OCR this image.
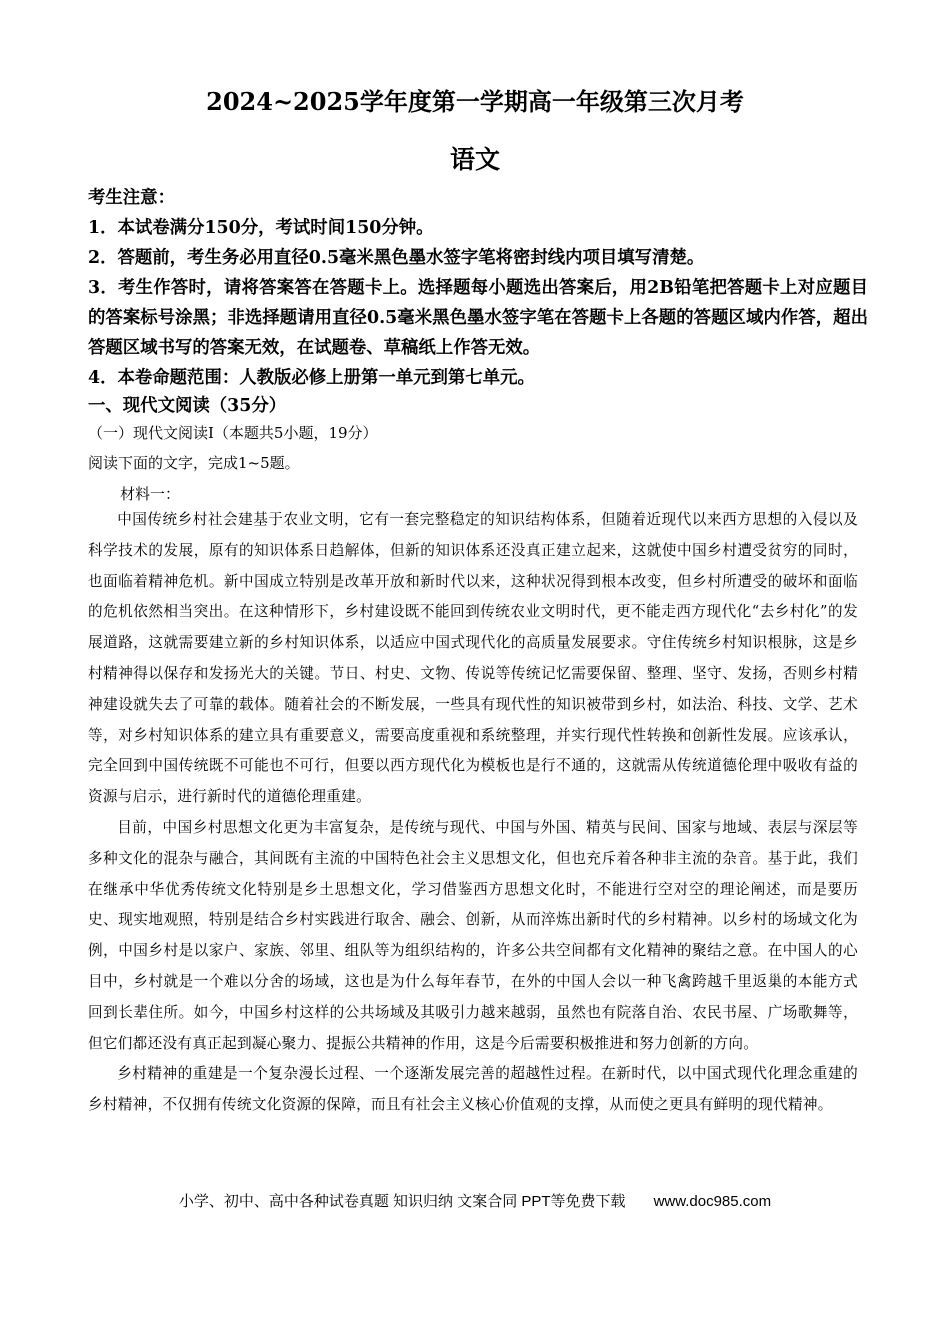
2024~2025学年度第一学期高一年级第三次月考
语文

考生注意：

1．本试卷满分150分，考试时间150分钟。

2．答题前，考生务必用直径0.5毫米黑色墨水签字笔将密封线内项目填写清楚。

3．考生作答时，请将答案答在答题卡上。选择题每小题选出答案后，用2B铅笔把答题卡上对应题目的答案标号涂黑；非选择题请用直径0.5毫米黑色墨水签字笔在答题卡上各题的答题区域内作答，超出答题区域书写的答案无效，在试题卷、草稿纸上作答无效。

4．本卷命题范围：人教版必修上册第一单元到第七单元。

一、现代文阅读（35分）
（一）现代文阅读Ⅰ（本题共5小题，19分）
阅读下面的文字，完成1~5题。
材料一：

中国传统乡村社会建基于农业文明，它有一套完整稳定的知识结构体系，但随着近现代以来西方思想的入侵以及科学技术的发展，原有的知识体系日趋解体，但新的知识体系还没真正建立起来，这就使中国乡村遭受贫穷的同时，也面临着精神危机。新中国成立特别是改革开放和新时代以来，这种状况得到根本改变，但乡村所遭受的破坏和面临的危机依然相当突出。在这种情形下，乡村建设既不能回到传统农业文明时代，更不能走西方现代化“去乡村化”的发展道路，这就需要建立新的乡村知识体系，以适应中国式现代化的高质量发展要求。守住传统乡村知识根脉，这是乡村精神得以保存和发扬光大的关键。节日、村史、文物、传说等传统记忆需要保留、整理、坚守、发扬，否则乡村精神建设就失去了可靠的载体。随着社会的不断发展，一些具有现代性的知识被带到乡村，如法治、科技、文学、艺术等，对乡村知识体系的建立具有重要意义，需要高度重视和系统整理，并实行现代性转换和创新性发展。应该承认，完全回到中国传统既不可能也不可行，但要以西方现代化为模板也是行不通的，这就需从传统道德伦理中吸收有益的资源与启示，进行新时代的道德伦理重建。

目前，中国乡村思想文化更为丰富复杂，是传统与现代、中国与外国、精英与民间、国家与地域、表层与深层等多种文化的混杂与融合，其间既有主流的中国特色社会主义思想文化，但也充斥着各种非主流的杂音。基于此，我们在继承中华优秀传统文化特别是乡土思想文化，学习借鉴西方思想文化时，不能进行空对空的理论阐述，而是要历史、现实地观照，特别是结合乡村实践进行取舍、融会、创新，从而淬炼出新时代的乡村精神。以乡村的场域文化为例，中国乡村是以家户、家族、邻里、组队等为组织结构的，许多公共空间都有文化精神的聚结之意。在中国人的心目中，乡村就是一个难以分舍的场域，这也是为什么每年春节，在外的中国人会以一种飞禽跨越千里返巢的本能方式回到长辈住所。如今，中国乡村这样的公共场域及其吸引力越来越弱，虽然也有院落自治、农民书屋、广场歌舞等，但它们都还没有真正起到凝心聚力、提振公共精神的作用，这是今后需要积极推进和努力创新的方向。

乡村精神的重建是一个复杂漫长过程、一个逐渐发展完善的超越性过程。在新时代，以中国式现代化理念重建的乡村精神，不仅拥有传统文化资源的保障，而且有社会主义核心价值观的支撑，从而使之更具有鲜明的现代精神。

小学、初中、高中各种试卷真题 知识归纳 文案合同 PPT等免费下载 www.doc985.com
